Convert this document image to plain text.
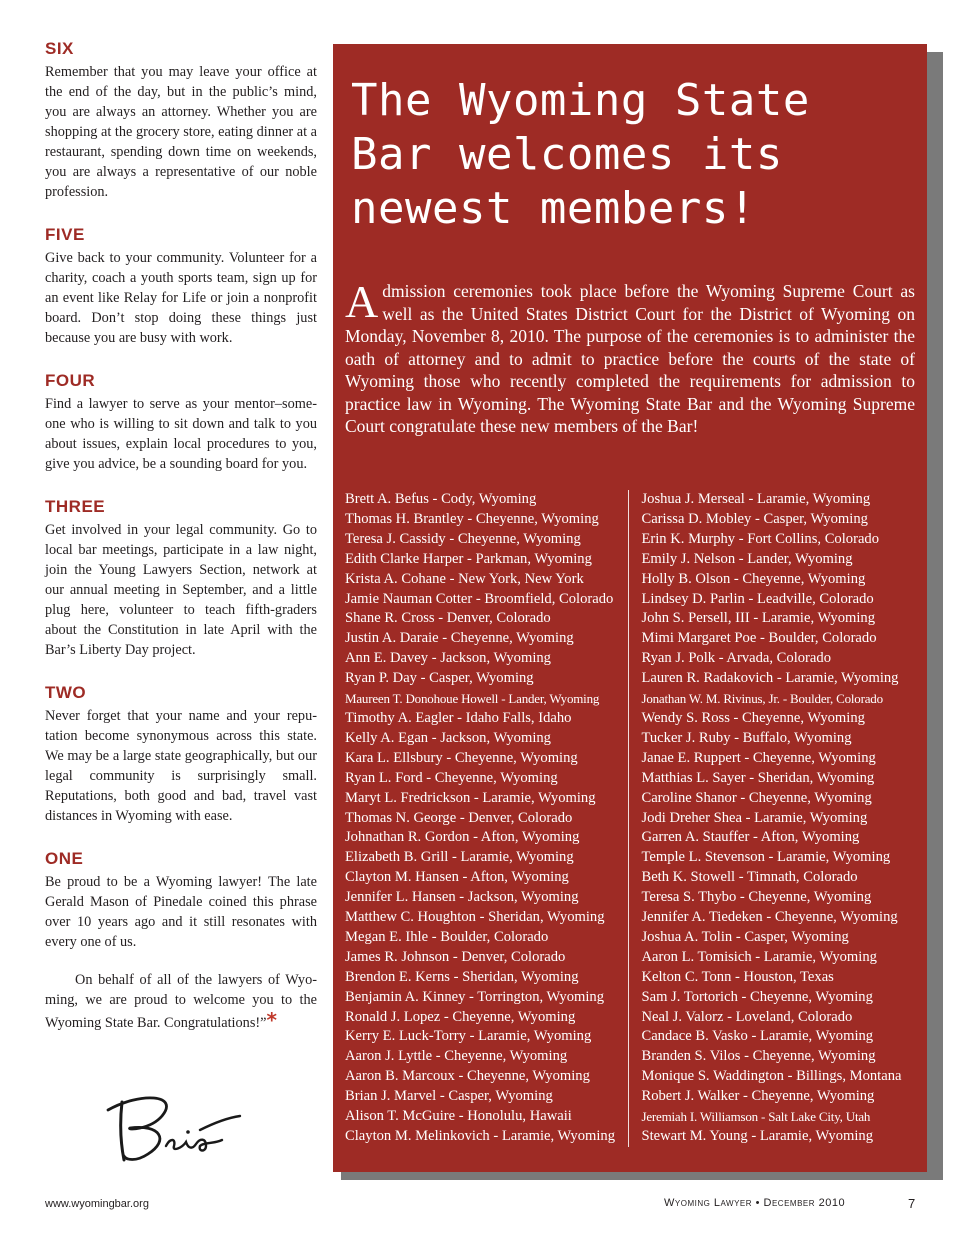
SIX

Remember that you may leave your office at the end of the day, but in the public’s mind, you are always an attorney. Whether you are shopping at the grocery store, eating dinner at a restaurant, spending down time on weekends, you are always a representative of our noble profession.

FIVE

Give back to your community. Volunteer for a charity, coach a youth sports team, sign up for an event like Relay for Life or join a nonprofit board. Don’t stop doing these things just because you are busy with work.

FOUR

Find a lawyer to serve as your mentor–someone who is willing to sit down and talk to you about issues, explain local procedures to you, give you advice, be a sounding board for you.

THREE

Get involved in your legal community. Go to local bar meetings, participate in a law night, join the Young Lawyers Section, network at our annual meeting in September, and a little plug here, volunteer to teach fifth-graders about the Constitution in late April with the Bar’s Liberty Day project.

TWO

Never forget that your name and your reputation become synonymous across this state. We may be a large state geographically, but our legal community is surprisingly small. Reputations, both good and bad, travel vast distances in Wyoming with ease.

ONE

Be proud to be a Wyoming lawyer! The late Gerald Mason of Pinedale coined this phrase over 10 years ago and it still resonates with every one of us.

On behalf of all of the lawyers of Wyoming, we are proud to welcome you to the Wyoming State Bar. Congratulations!”*

The Wyoming State Bar welcomes its newest members!

Admission ceremonies took place before the Wyoming Supreme Court as well as the United States District Court for the District of Wyoming on Monday, November 8, 2010. The purpose of the ceremonies is to administer the oath of attorney and to admit to practice before the courts of the state of Wyoming those who recently completed the requirements for admission to practice law in Wyoming. The Wyoming State Bar and the Wyoming Supreme Court congratulate these new members of the Bar!

Brett A. Befus - Cody, Wyoming
Thomas H. Brantley - Cheyenne, Wyoming
Teresa J. Cassidy - Cheyenne, Wyoming
Edith Clarke Harper - Parkman, Wyoming
Krista A. Cohane - New York, New York
Jamie Nauman Cotter - Broomfield, Colorado
Shane R. Cross - Denver, Colorado
Justin A. Daraie - Cheyenne, Wyoming
Ann E. Davey - Jackson, Wyoming
Ryan P. Day - Casper, Wyoming
Maureen T. Donohoue Howell - Lander, Wyoming
Timothy A. Eagler - Idaho Falls, Idaho
Kelly A. Egan - Jackson, Wyoming
Kara L. Ellsbury - Cheyenne, Wyoming
Ryan L. Ford - Cheyenne, Wyoming
Maryt L. Fredrickson - Laramie, Wyoming
Thomas N. George - Denver, Colorado
Johnathan R. Gordon - Afton, Wyoming
Elizabeth B. Grill - Laramie, Wyoming
Clayton M. Hansen - Afton, Wyoming
Jennifer L. Hansen - Jackson, Wyoming
Matthew C. Houghton - Sheridan, Wyoming
Megan E. Ihle - Boulder, Colorado
James R. Johnson - Denver, Colorado
Brendon E. Kerns - Sheridan, Wyoming
Benjamin A. Kinney - Torrington, Wyoming
Ronald J. Lopez - Cheyenne, Wyoming
Kerry E. Luck-Torry - Laramie, Wyoming
Aaron J. Lyttle - Cheyenne, Wyoming
Aaron B. Marcoux - Cheyenne, Wyoming
Brian J. Marvel - Casper, Wyoming
Alison T. McGuire - Honolulu, Hawaii
Clayton M. Melinkovich - Laramie, Wyoming
Joshua J. Merseal - Laramie, Wyoming
Carissa D. Mobley - Casper, Wyoming
Erin K. Murphy - Fort Collins, Colorado
Emily J. Nelson - Lander, Wyoming
Holly B. Olson - Cheyenne, Wyoming
Lindsey D. Parlin - Leadville, Colorado
John S. Persell, III - Laramie, Wyoming
Mimi Margaret Poe - Boulder, Colorado
Ryan J. Polk - Arvada, Colorado
Lauren R. Radakovich - Laramie, Wyoming
Jonathan W. M. Rivinus, Jr. - Boulder, Colorado
Wendy S. Ross - Cheyenne, Wyoming
Tucker J. Ruby - Buffalo, Wyoming
Janae E. Ruppert - Cheyenne, Wyoming
Matthias L. Sayer - Sheridan, Wyoming
Caroline Shanor - Cheyenne, Wyoming
Jodi Dreher Shea - Laramie, Wyoming
Garren A. Stauffer - Afton, Wyoming
Temple L. Stevenson - Laramie, Wyoming
Beth K. Stowell - Timnath, Colorado
Teresa S. Thybo - Cheyenne, Wyoming
Jennifer A. Tiedeken - Cheyenne, Wyoming
Joshua A. Tolin - Casper, Wyoming
Aaron L. Tomisich - Laramie, Wyoming
Kelton C. Tonn - Houston, Texas
Sam J. Tortorich - Cheyenne, Wyoming
Neal J. Valorz - Loveland, Colorado
Candace B. Vasko - Laramie, Wyoming
Branden S. Vilos - Cheyenne, Wyoming
Monique S. Waddington - Billings, Montana
Robert J. Walker - Cheyenne, Wyoming
Jeremiah I. Williamson - Salt Lake City, Utah
Stewart M. Young - Laramie, Wyoming
www.wyomingbar.org	Wyoming Lawyer • December 2010	7
